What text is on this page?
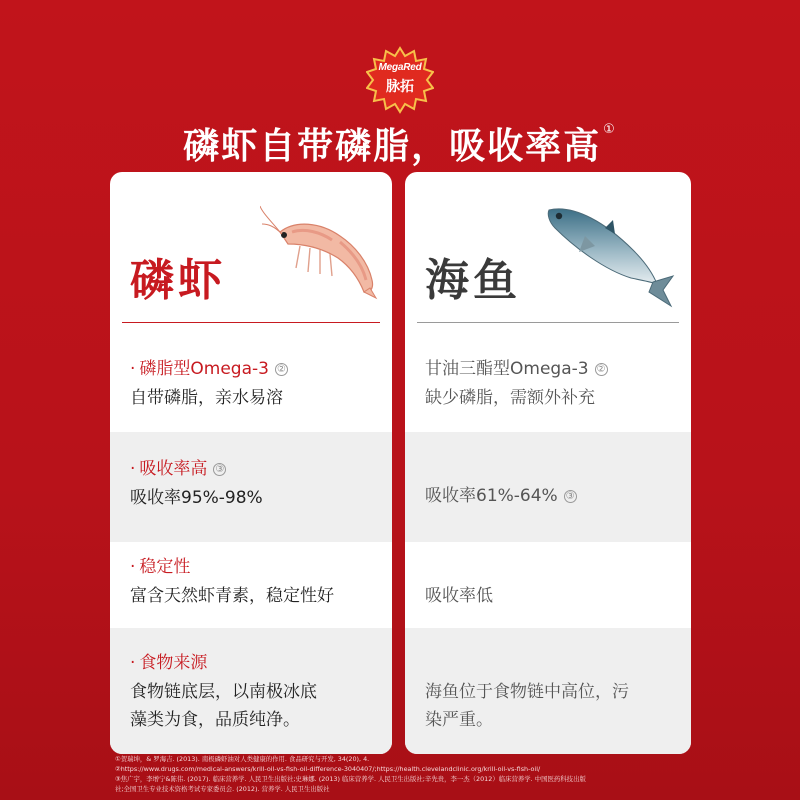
MegaRed
脉拓
磷虾自带磷脂，吸收率高 ①
磷虾
· 磷脂型Omega-3 ②
自带磷脂，亲水易溶
· 吸收率高 ③
吸收率95%-98%
· 稳定性
富含天然虾青素，稳定性好
· 食物来源
食物链底层，以南极冰底
藻类为食，品质纯净。
海鱼
甘油三酯型Omega-3 ②
缺少磷脂，需额外补充
吸收率61%-64% ③
吸收率低
海鱼位于食物链中高位，污
染严重。
①贺瑞坤，& 罗海吉. (2013). 南极磷虾油对人类健康的作用. 食品研究与开发, 34(20), 4.
②https://www.drugs.com/medical-answers/krill-oil-vs-fish-oil-difference-3040407/;https://health.clevelandclinic.org/krill-oil-vs-fish-oil/
③焦广宇，李增宁&陈伟. (2017). 临床营养学. 人民卫生出版社;史琳娜. (2013) 临床营养学. 人民卫生出版社;辛先贵，李一杰（2012）临床营养学. 中国医药科技出版
社;全国卫生专业技术资格考试专家委员会. (2012). 营养学. 人民卫生出版社
